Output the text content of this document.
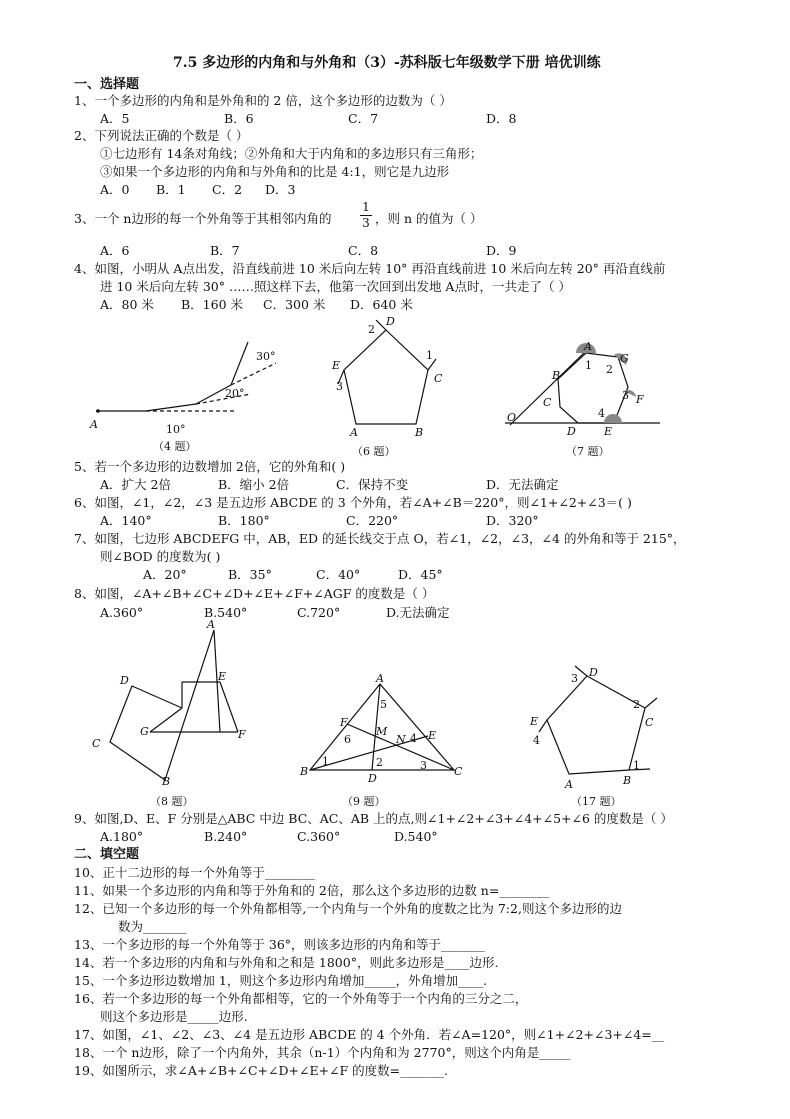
7.5 多边形的内角和与外角和（3）-苏科版七年级数学下册 培优训练
一、选择题
1、一个多边形的内角和是外角和的 2 倍，这个多边形的边数为（ ）
A．5	B．6	C．7	D．8
2、下列说法正确的个数是（ ）
①七边形有 14条对角线；②外角和大于内角和的多边形只有三角形；
③如果一个多边形的内角和与外角和的比是 4:1，则它是九边形
A．0 B．1 C．2 D．3
3、一个 n边形的每一个外角等于其相邻内角的
1
3 ，则 n 的值为（ ）
A．6	B．7	C．8	D．9
4、如图，小明从 A点出发，沿直线前进 10 米后向左转 10° 再沿直线前进 10 米后向左转 20° 再沿直线前
进 10 米后向左转 30° ……照这样下去，他第一次回到出发地 A点时，一共走了（ ）
A．80 米 B．160 米 C．300 米 D．640 米
A	10°
20°
30°
（4 题）
D
2
1
C
E
3
A	B
（6 题）
A
1
G
2
3 F
4
E
D
C
B
O
（7 题）
5、若一个多边形的边数增加 2倍，它的外角和( )
A．扩大 2倍	B．缩小 2倍	C．保持不变	D．无法确定
6、如图，∠1，∠2，∠3 是五边形 ABCDE 的 3 个外角，若∠A+∠B＝220°，则∠1+∠2+∠3＝( )
A．140°	B．180°	C．220°	D．320°
7、如图，七边形 ABCDEFG 中，AB，ED 的延长线交于点 O，若∠1，∠2，∠3，∠4 的外角和等于 215°，
则∠BOD 的度数为( )
A．20°	B．35°	C．40°	D．45°
8、如图，∠A+∠B+∠C+∠D+∠E+∠F+∠AGF 的度数是（ ）
A.360°	B.540°	C.720°	D.无法确定
A
D	E
G	F
C
B
（8 题）
A
5
F
6
M
N 4 E
1	2	3
B
D
C
（9 题）
D
3
2
C
E
4
A	B
1
（17 题）
9、如图,D、E、F 分别是△ABC 中边 BC、AC、AB 上的点,则∠1+∠2+∠3+∠4+∠5+∠6 的度数是（ ）
A.180°	B.240°	C.360°	D.540°
二、填空题
10、正十二边形的每一个外角等于________
11、如果一个多边形的内角和等于外角和的 2倍，那么这个多边形的边数 n=________
12、已知一个多边形的每一个外角都相等,一个内角与一个外角的度数之比为 7:2,则这个多边形的边
数为_______
13、一个多边形的每一个外角等于 36°，则该多边形的内角和等于_______
14、若一个多边形的内角和与外角和之和是 1800°，则此多边形是____边形.
15、一个多边形边数增加 1，则这个多边形内角增加_____，外角增加____.
16、若一个多边形的每一个外角都相等，它的一个外角等于一个内角的三分之二，
则这个多边形是_____边形.
17、如图，∠1、∠2、∠3、∠4 是五边形 ABCDE 的 4 个外角．若∠A=120°，则∠1+∠2+∠3+∠4=__
18、一个 n边形，除了一个内角外，其余（n-1）个内角和为 2770°，则这个内角是_____
19、如图所示，求∠A+∠B+∠C+∠D+∠E+∠F 的度数=_______.
